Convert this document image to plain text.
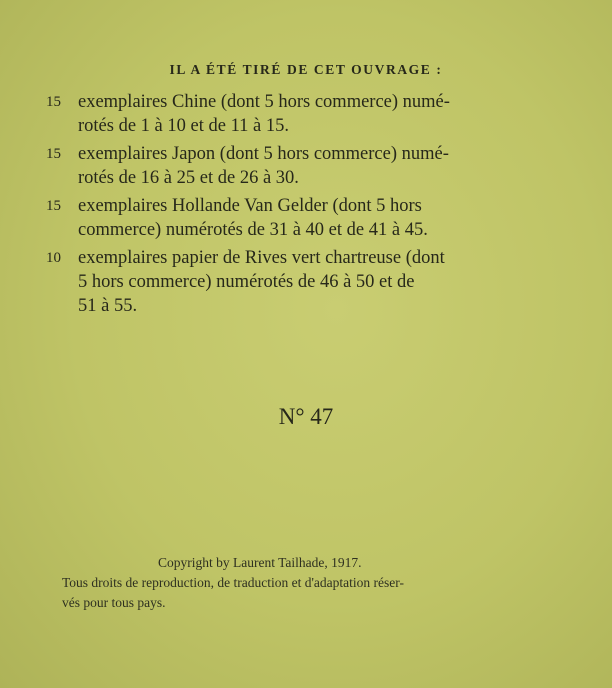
IL A ÉTÉ TIRÉ DE CET OUVRAGE :
15 exemplaires Chine (dont 5 hors commerce) numé-
rotés de 1 à 10 et de 11 à 15.
15 exemplaires Japon (dont 5 hors commerce) numé-
rotés de 16 à 25 et de 26 à 30.
15 exemplaires Hollande Van Gelder (dont 5 hors
commerce) numérotés de 31 à 40 et de 41 à 45.
10 exemplaires papier de Rives vert chartreuse (dont
5 hors commerce) numérotés de 46 à 50 et de
51 à 55.
N° 47
Copyright by Laurent Tailhade, 1917.
Tous droits de reproduction, de traduction et d'adaptation réser-
vés pour tous pays.
